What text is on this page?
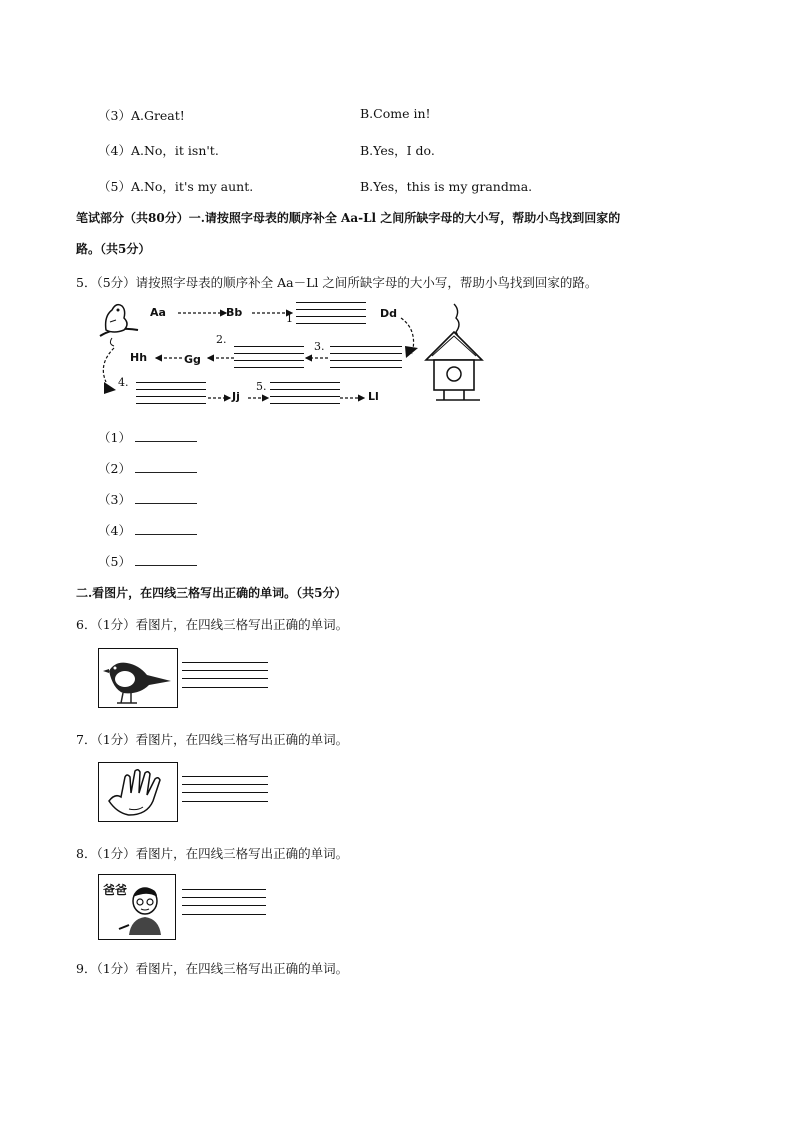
（3）A.Great!	B.Come in!
（4）A.No，it isn't.	B.Yes，I do.
（5）A.No，it's my aunt.	B.Yes，this is my grandma.
笔试部分（共80分）一.请按照字母表的顺序补全 Aa-Ll 之间所缺字母的大小写，帮助小鸟找到回家的
路。（共5分）
5．（5分）请按照字母表的顺序补全 Aa－Ll 之间所缺字母的大小写，帮助小鸟找到回家的路。
Aa	Bb	Dd
Gg
Hh
Jj	Ll
1
2.
3.
4.	5.
（1）
（2）
（3）
（4）
（5）
二.看图片，在四线三格写出正确的单词。（共5分）
6．（1分）看图片，在四线三格写出正确的单词。
7．（1分）看图片，在四线三格写出正确的单词。
8．（1分）看图片，在四线三格写出正确的单词。
爸爸
9．（1分）看图片，在四线三格写出正确的单词。
